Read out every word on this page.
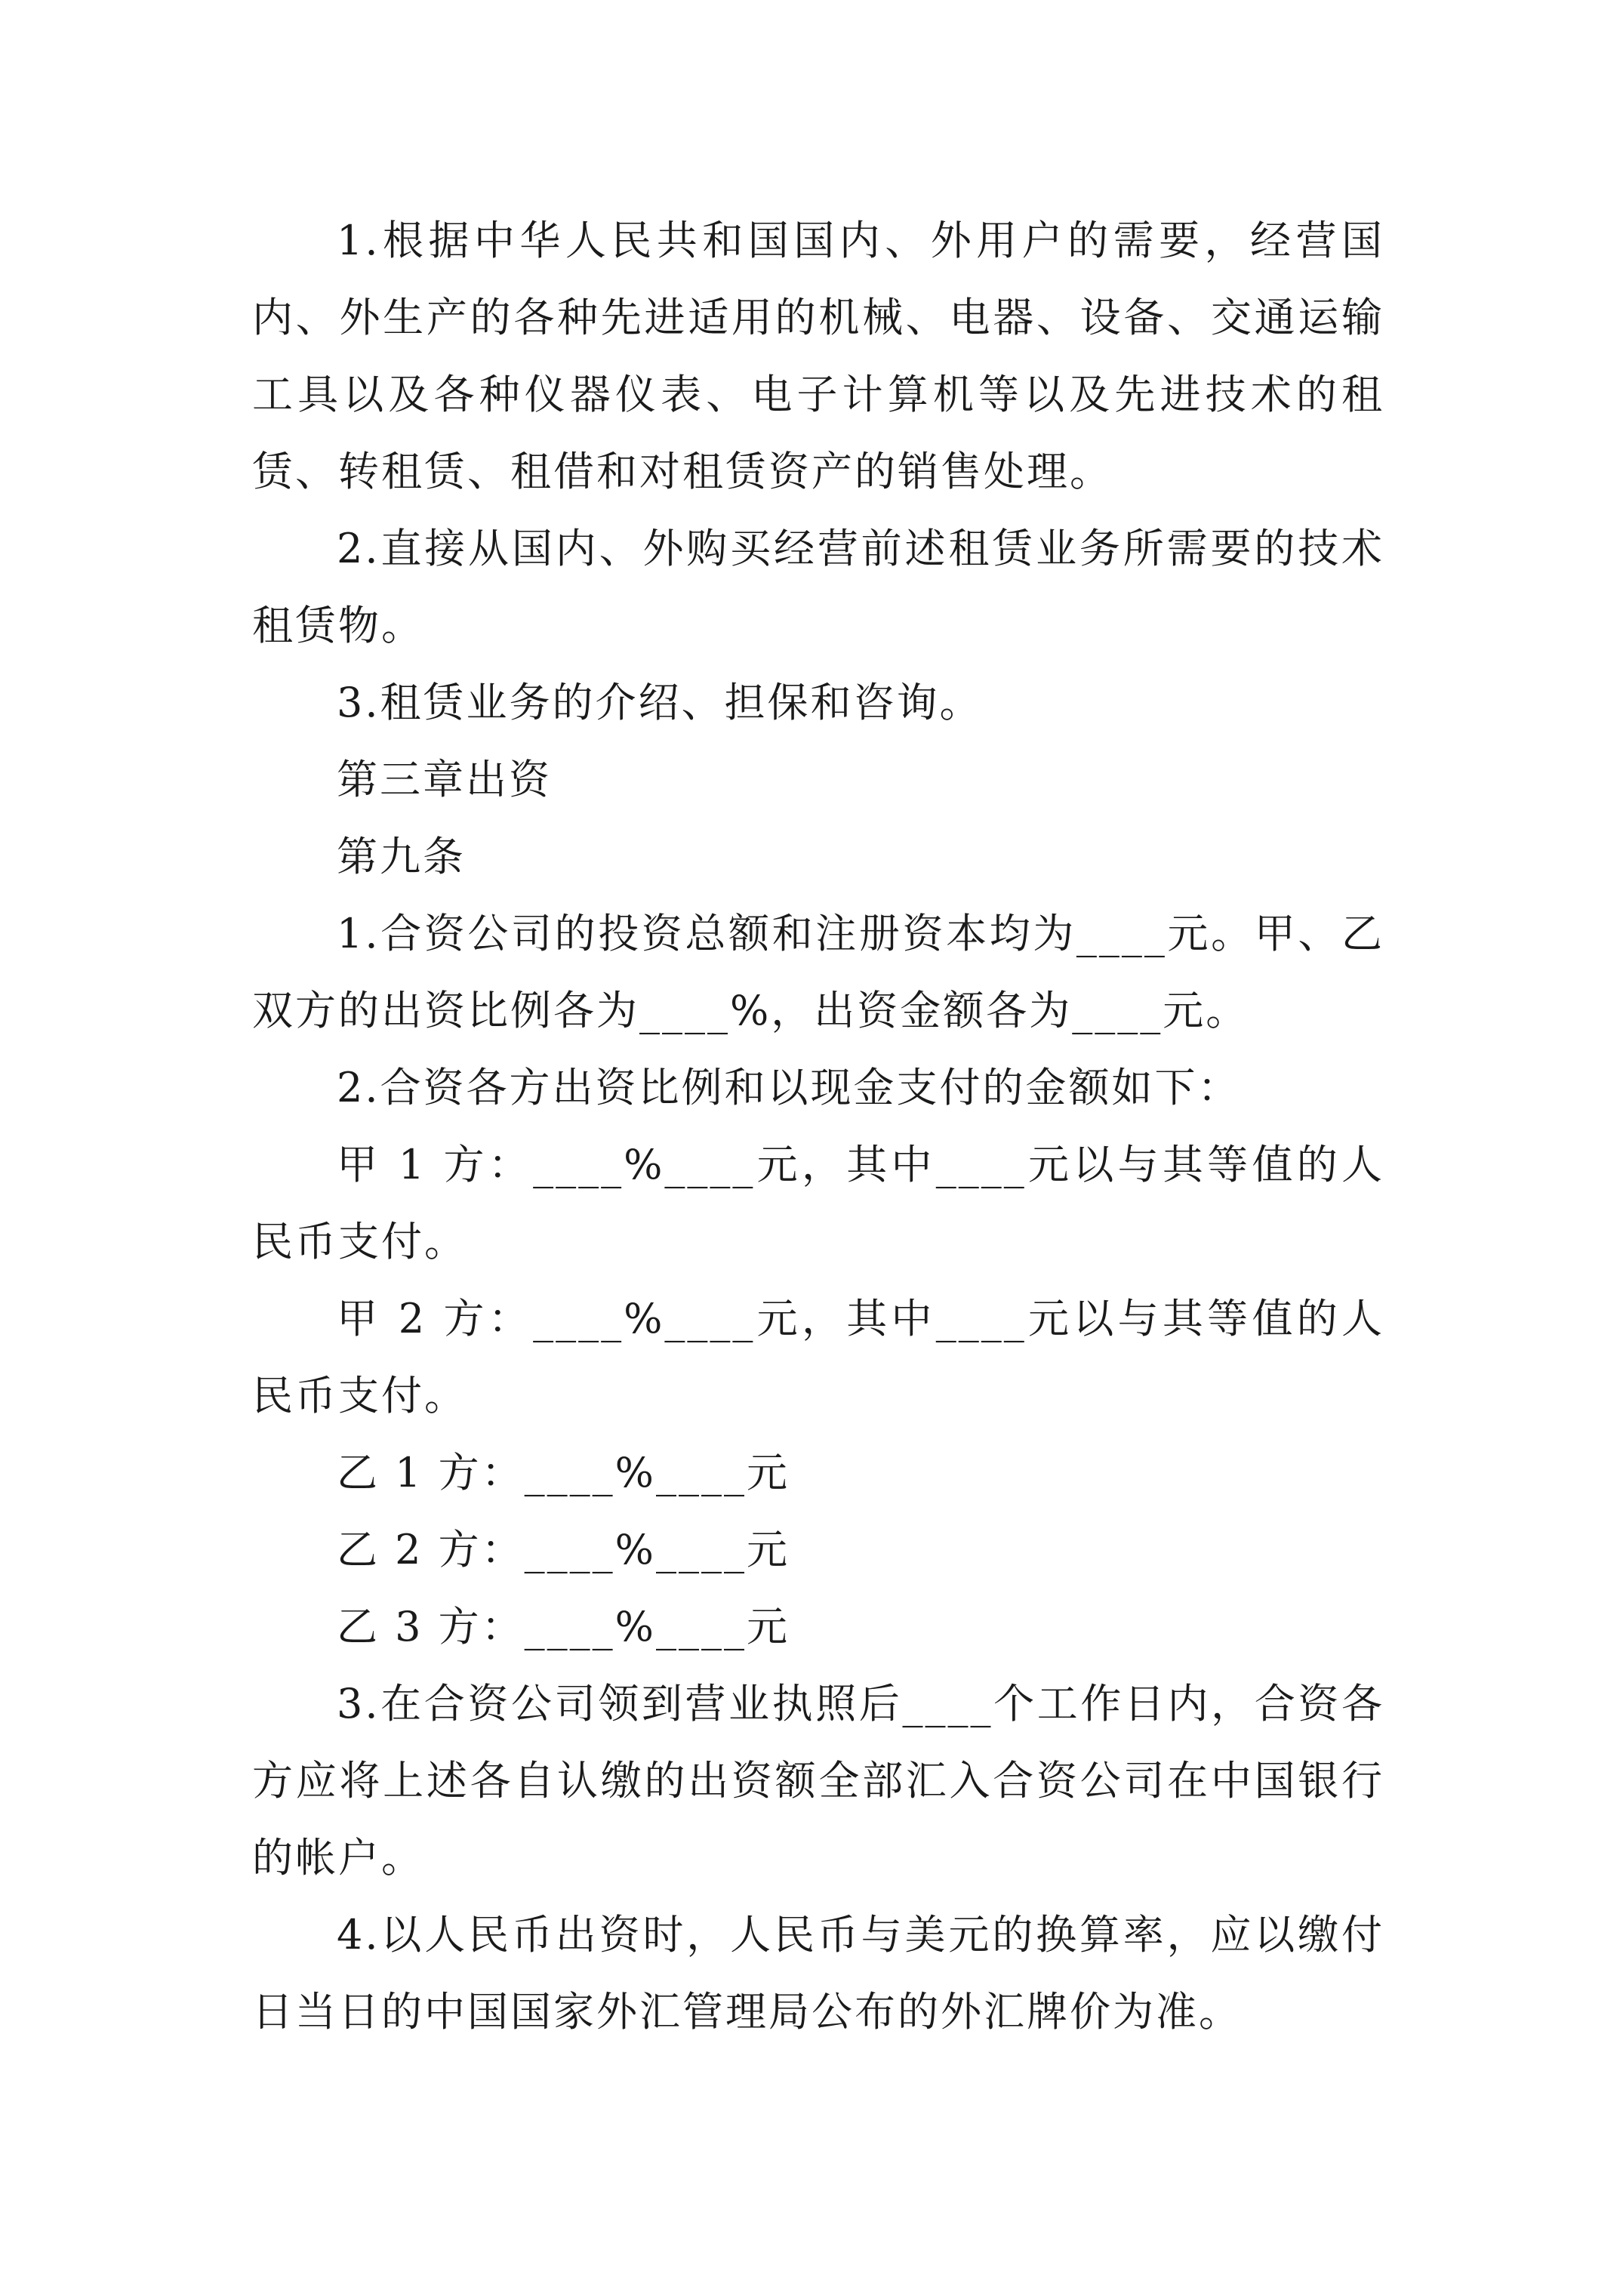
1.根据中华人民共和国国内、外用户的需要，经营国内、外生产的各种先进适用的机械、电器、设备、交通运输工具以及各种仪器仪表、电子计算机等以及先进技术的租赁、转租赁、租借和对租赁资产的销售处理。

2.直接从国内、外购买经营前述租赁业务所需要的技术租赁物。

3.租赁业务的介绍、担保和咨询。

第三章出资

第九条

1.合资公司的投资总额和注册资本均为____元。甲、乙双方的出资比例各为____%，出资金额各为____元。

2.合资各方出资比例和以现金支付的金额如下：

甲 1 方：____%____元，其中____元以与其等值的人民币支付。

甲 2 方：____%____元，其中____元以与其等值的人民币支付。

乙 1 方：____%____元

乙 2 方：____%____元

乙 3 方：____%____元

3.在合资公司领到营业执照后____个工作日内，合资各方应将上述各自认缴的出资额全部汇入合资公司在中国银行的帐户。

4.以人民币出资时，人民币与美元的换算率，应以缴付日当日的中国国家外汇管理局公布的外汇牌价为准。
